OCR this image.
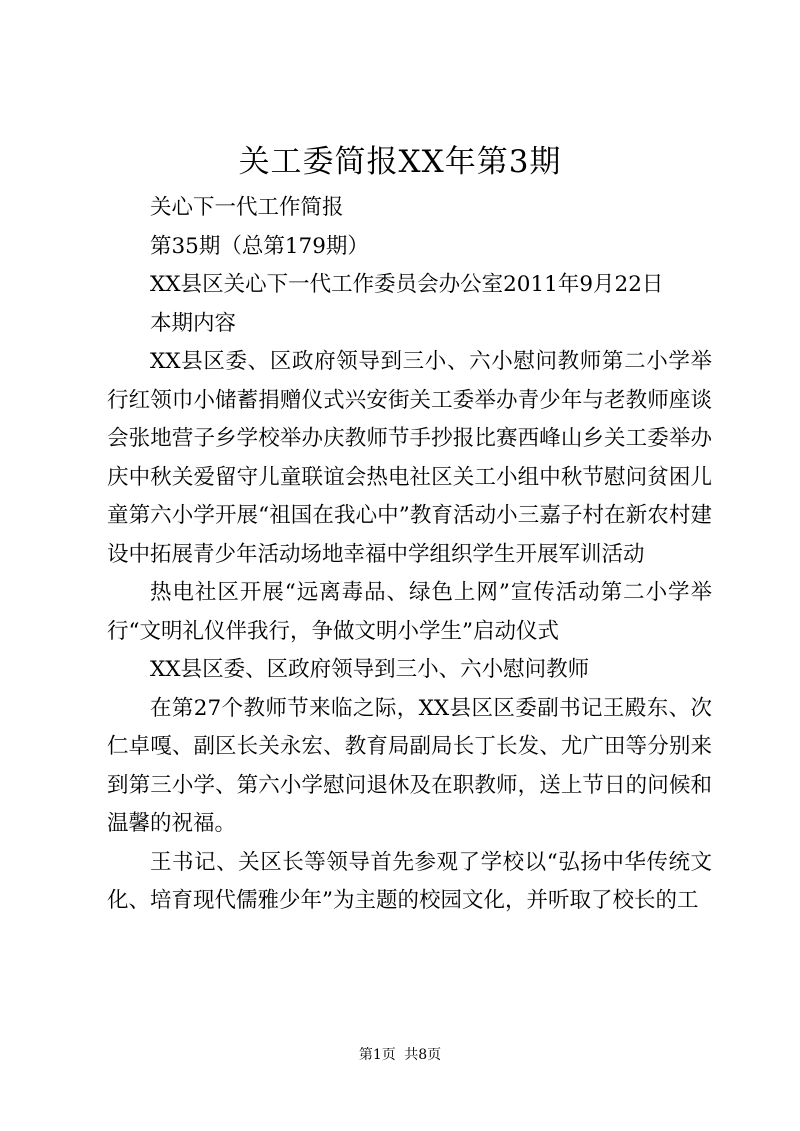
关工委简报XX年第3期

关心下一代工作简报

第35期（总第179期）

XX县区关心下一代工作委员会办公室2011年9月22日

本期内容

XX县区委、区政府领导到三小、六小慰问教师第二小学举行红领巾小储蓄捐赠仪式兴安街关工委举办青少年与老教师座谈会张地营子乡学校举办庆教师节手抄报比赛西峰山乡关工委举办庆中秋关爱留守儿童联谊会热电社区关工小组中秋节慰问贫困儿童第六小学开展“祖国在我心中”教育活动小三嘉子村在新农村建设中拓展青少年活动场地幸福中学组织学生开展军训活动

热电社区开展“远离毒品、绿色上网”宣传活动第二小学举行“文明礼仪伴我行，争做文明小学生”启动仪式

XX县区委、区政府领导到三小、六小慰问教师

在第27个教师节来临之际，XX县区区委副书记王殿东、次仁卓嘎、副区长关永宏、教育局副局长丁长发、尤广田等分别来到第三小学、第六小学慰问退休及在职教师，送上节日的问候和温馨的祝福。

王书记、关区长等领导首先参观了学校以“弘扬中华传统文化、培育现代儒雅少年”为主题的校园文化，并听取了校长的工

第1页 共8页
